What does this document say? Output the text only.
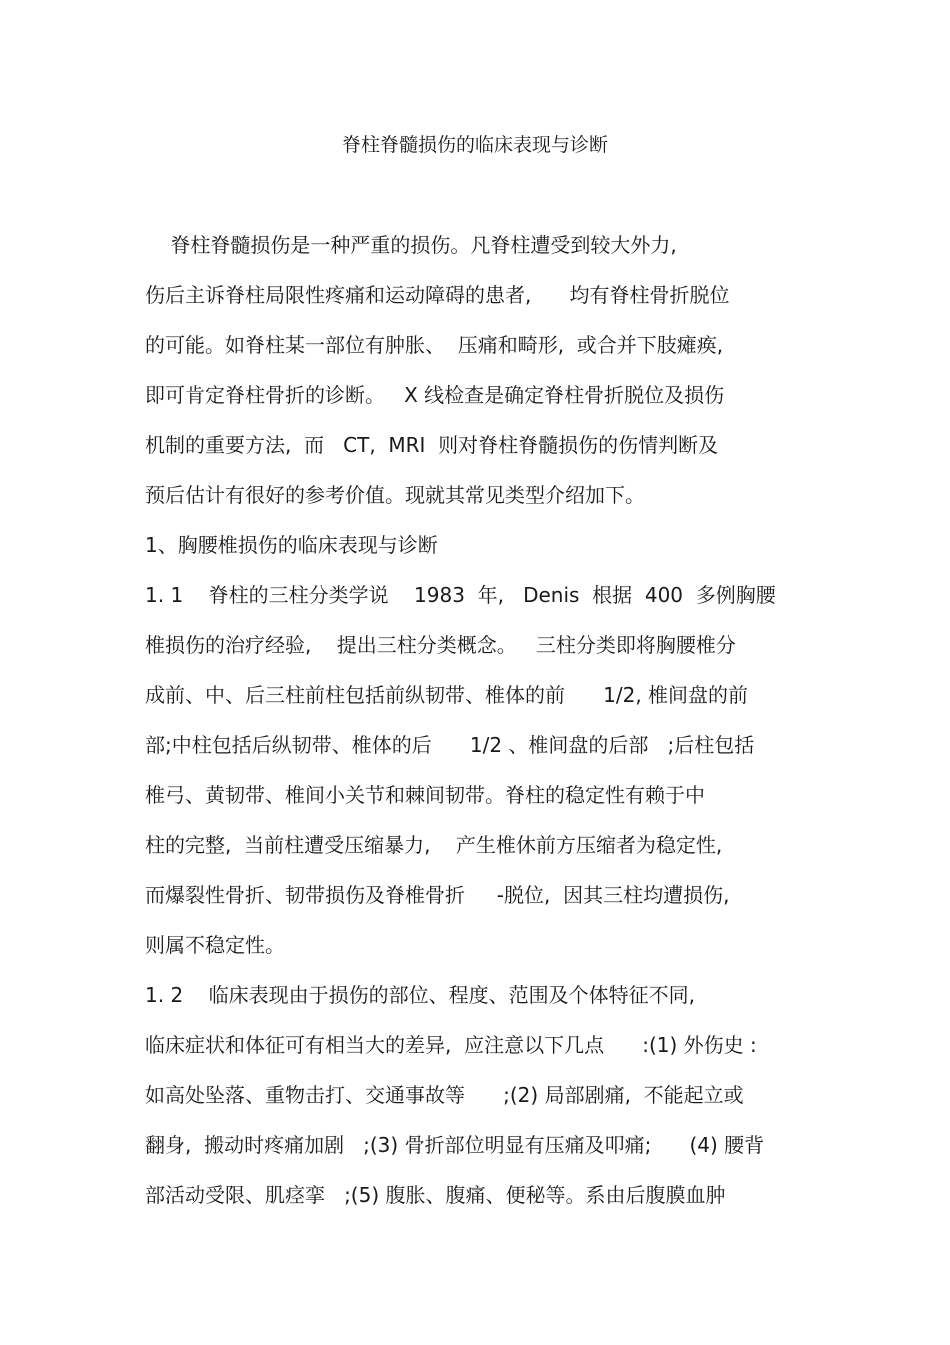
脊柱脊髓损伤的临床表现与诊断
脊柱脊髓损伤是一种严重的损伤。凡脊柱遭受到较大外力,
伤后主诉脊柱局限性疼痛和运动障碍的患者,      均有脊柱骨折脱位
的可能。如脊柱某一部位有肿胀、  压痛和畸形,  或合并下肢瘫痪,
即可肯定脊柱骨折的诊断。   X 线检查是确定脊柱骨折脱位及损伤
机制的重要方法,  而   CT,  MRI  则对脊柱脊髓损伤的伤情判断及
预后估计有很好的参考价值。现就其常见类型介绍加下。
1、胸腰椎损伤的临床表现与诊断
1. 1    脊柱的三柱分类学说    1983  年,   Denis  根据  400  多例胸腰
椎损伤的治疗经验,    提出三柱分类概念。   三柱分类即将胸腰椎分
成前、中、后三柱前柱包括前纵韧带、椎体的前      1/2, 椎间盘的前
部;中柱包括后纵韧带、椎体的后      1/2 、椎间盘的后部   ;后柱包括
椎弓、黄韧带、椎间小关节和棘间韧带。脊柱的稳定性有赖于中
柱的完整,  当前柱遭受压缩暴力,    产生椎休前方压缩者为稳定性,
而爆裂性骨折、韧带损伤及脊椎骨折     -脱位,  因其三柱均遭损伤,
则属不稳定性。
1. 2    临床表现由于损伤的部位、程度、范围及个体特征不同,
临床症状和体征可有相当大的差异,  应注意以下几点      :(1) 外伤史 :
如高处坠落、重物击打、交通事故等      ;(2) 局部剧痛,  不能起立或
翻身,  搬动时疼痛加剧   ;(3) 骨折部位明显有压痛及叩痛;      (4) 腰背
部活动受限、肌痉挛   ;(5) 腹胀、腹痛、便秘等。系由后腹膜血肿
